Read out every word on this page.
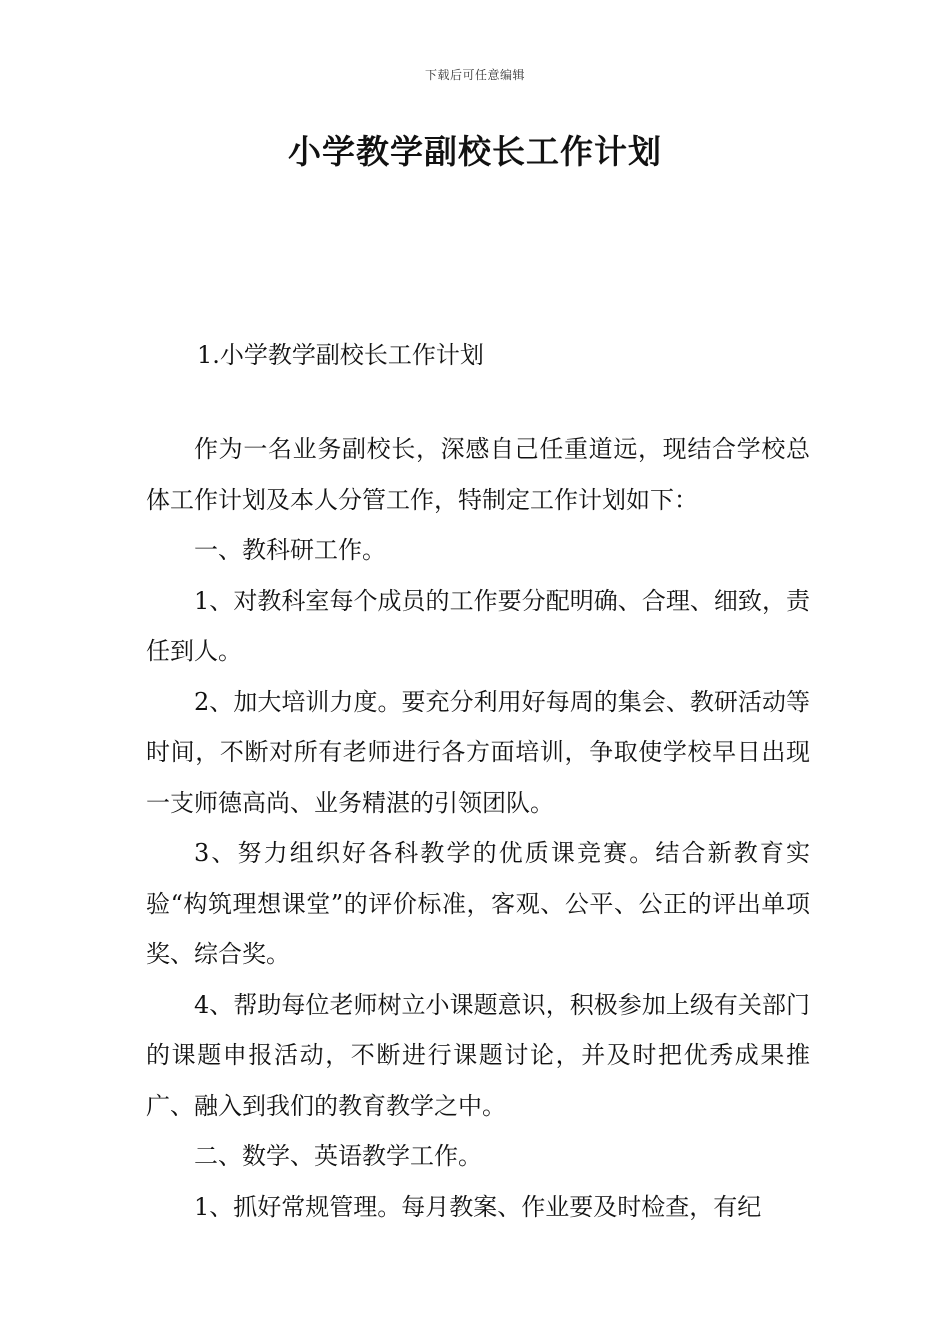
下载后可任意编辑
小学教学副校长工作计划
1.小学教学副校长工作计划

作为一名业务副校长，深感自己任重道远，现结合学校总体工作计划及本人分管工作，特制定工作计划如下：

一、教科研工作。

1、对教科室每个成员的工作要分配明确、合理、细致，责任到人。

2、加大培训力度。要充分利用好每周的集会、教研活动等时间，不断对所有老师进行各方面培训，争取使学校早日出现一支师德高尚、业务精湛的引领团队。

3、努力组织好各科教学的优质课竞赛。结合新教育实验“构筑理想课堂”的评价标准，客观、公平、公正的评出单项奖、综合奖。

4、帮助每位老师树立小课题意识，积极参加上级有关部门的课题申报活动，不断进行课题讨论，并及时把优秀成果推广、融入到我们的教育教学之中。

二、数学、英语教学工作。

1、抓好常规管理。每月教案、作业要及时检查，有纪
